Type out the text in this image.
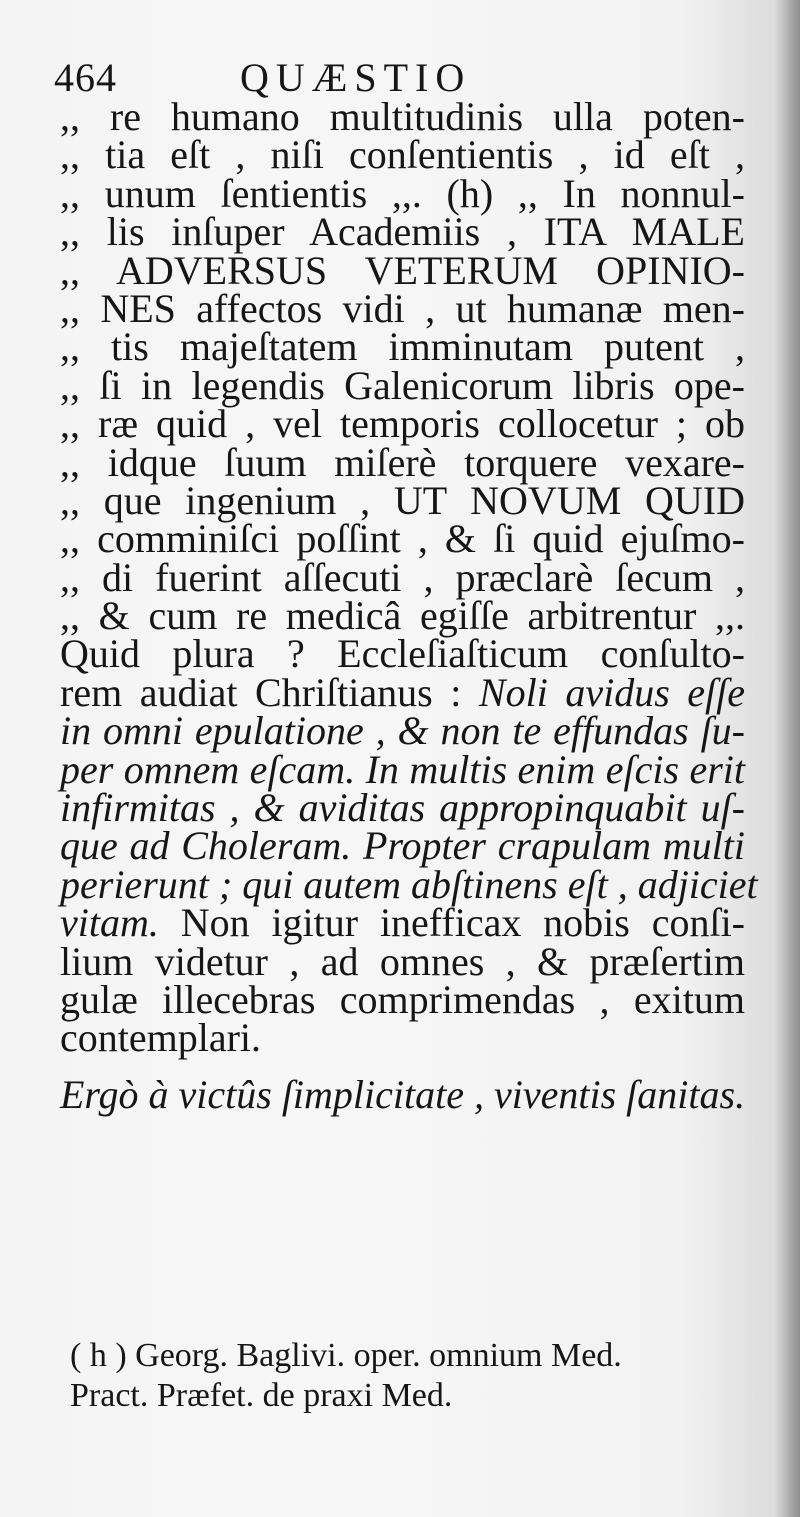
464	QUÆSTIO
,, re humano multitudinis ulla poten-
,, tia eſt , niſi conſentientis , id eſt ,
,, unum ſentientis ,,. (h) ,, In nonnul-
,, lis inſuper Academiis , ITA MALE
,, ADVERSUS VETERUM OPINIO-
,, NES affectos vidi , ut humanæ men-
,, tis majeſtatem imminutam putent ,
,, ſi in legendis Galenicorum libris ope-
,, ræ quid , vel temporis collocetur ; ob
,, idque ſuum miſerè torquere vexare-
,, que ingenium , UT NOVUM QUID
,, comminiſci poſſint , & ſi quid ejuſmo-
,, di fuerint aſſecuti , præclarè ſecum ,
,, & cum re medicâ egiſſe arbitrentur ,,.
Quid plura ? Eccleſiaſticum conſulto-
rem audiat Chriſtianus : Noli avidus eſſe
in omni epulatione , & non te effundas ſu-
per omnem eſcam. In multis enim eſcis erit
infirmitas , & aviditas appropinquabit uſ-
que ad Choleram. Propter crapulam multi
perierunt ; qui autem abſtinens eſt , adjiciet
vitam. Non igitur inefficax nobis conſi-
lium videtur , ad omnes , & præſertim
gulæ illecebras comprimendas , exitum
contemplari.
Ergò à victûs ſimplicitate , viventis ſanitas.
( h ) Georg. Baglivi. oper. omnium Med.
Pract. Præfet. de praxi Med.
